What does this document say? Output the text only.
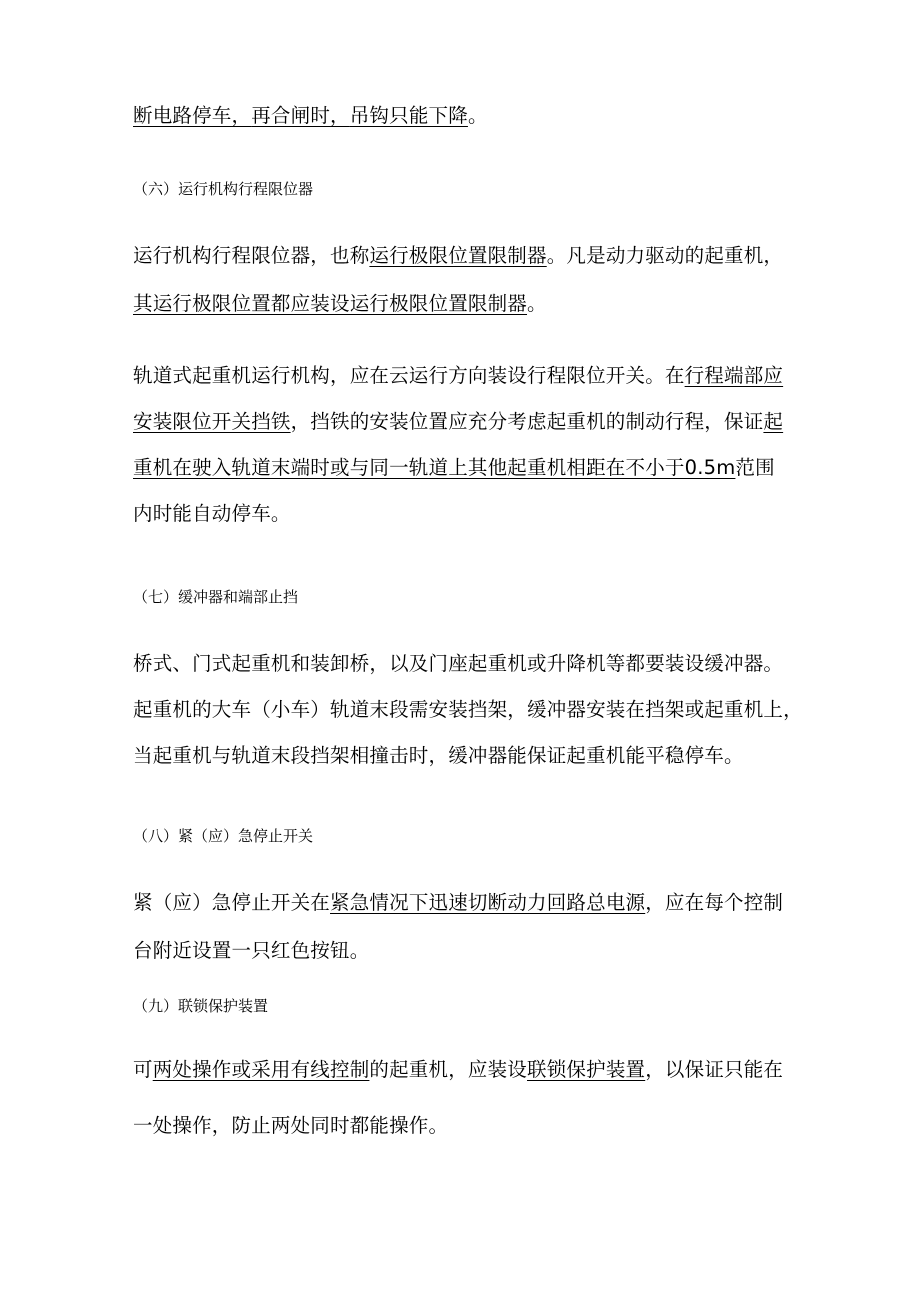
断电路停车，再合闸时，吊钩只能下降。

（六）运行机构行程限位器

运行机构行程限位器，也称运行极限位置限制器。凡是动力驱动的起重机，
其运行极限位置都应装设运行极限位置限制器。

轨道式起重机运行机构，应在云运行方向装设行程限位开关。在行程端部应
安装限位开关挡铁，挡铁的安装位置应充分考虑起重机的制动行程，保证起
重机在驶入轨道末端时或与同一轨道上其他起重机相距在不小于0.5m范围
内时能自动停车。

（七）缓冲器和端部止挡

桥式、门式起重机和装卸桥，以及门座起重机或升降机等都要装设缓冲器。
起重机的大车（小车）轨道末段需安装挡架，缓冲器安装在挡架或起重机上，
当起重机与轨道末段挡架相撞击时，缓冲器能保证起重机能平稳停车。

（八）紧（应）急停止开关

紧（应）急停止开关在紧急情况下迅速切断动力回路总电源，应在每个控制
台附近设置一只红色按钮。

（九）联锁保护装置

可两处操作或采用有线控制的起重机，应装设联锁保护装置，以保证只能在
一处操作，防止两处同时都能操作。
